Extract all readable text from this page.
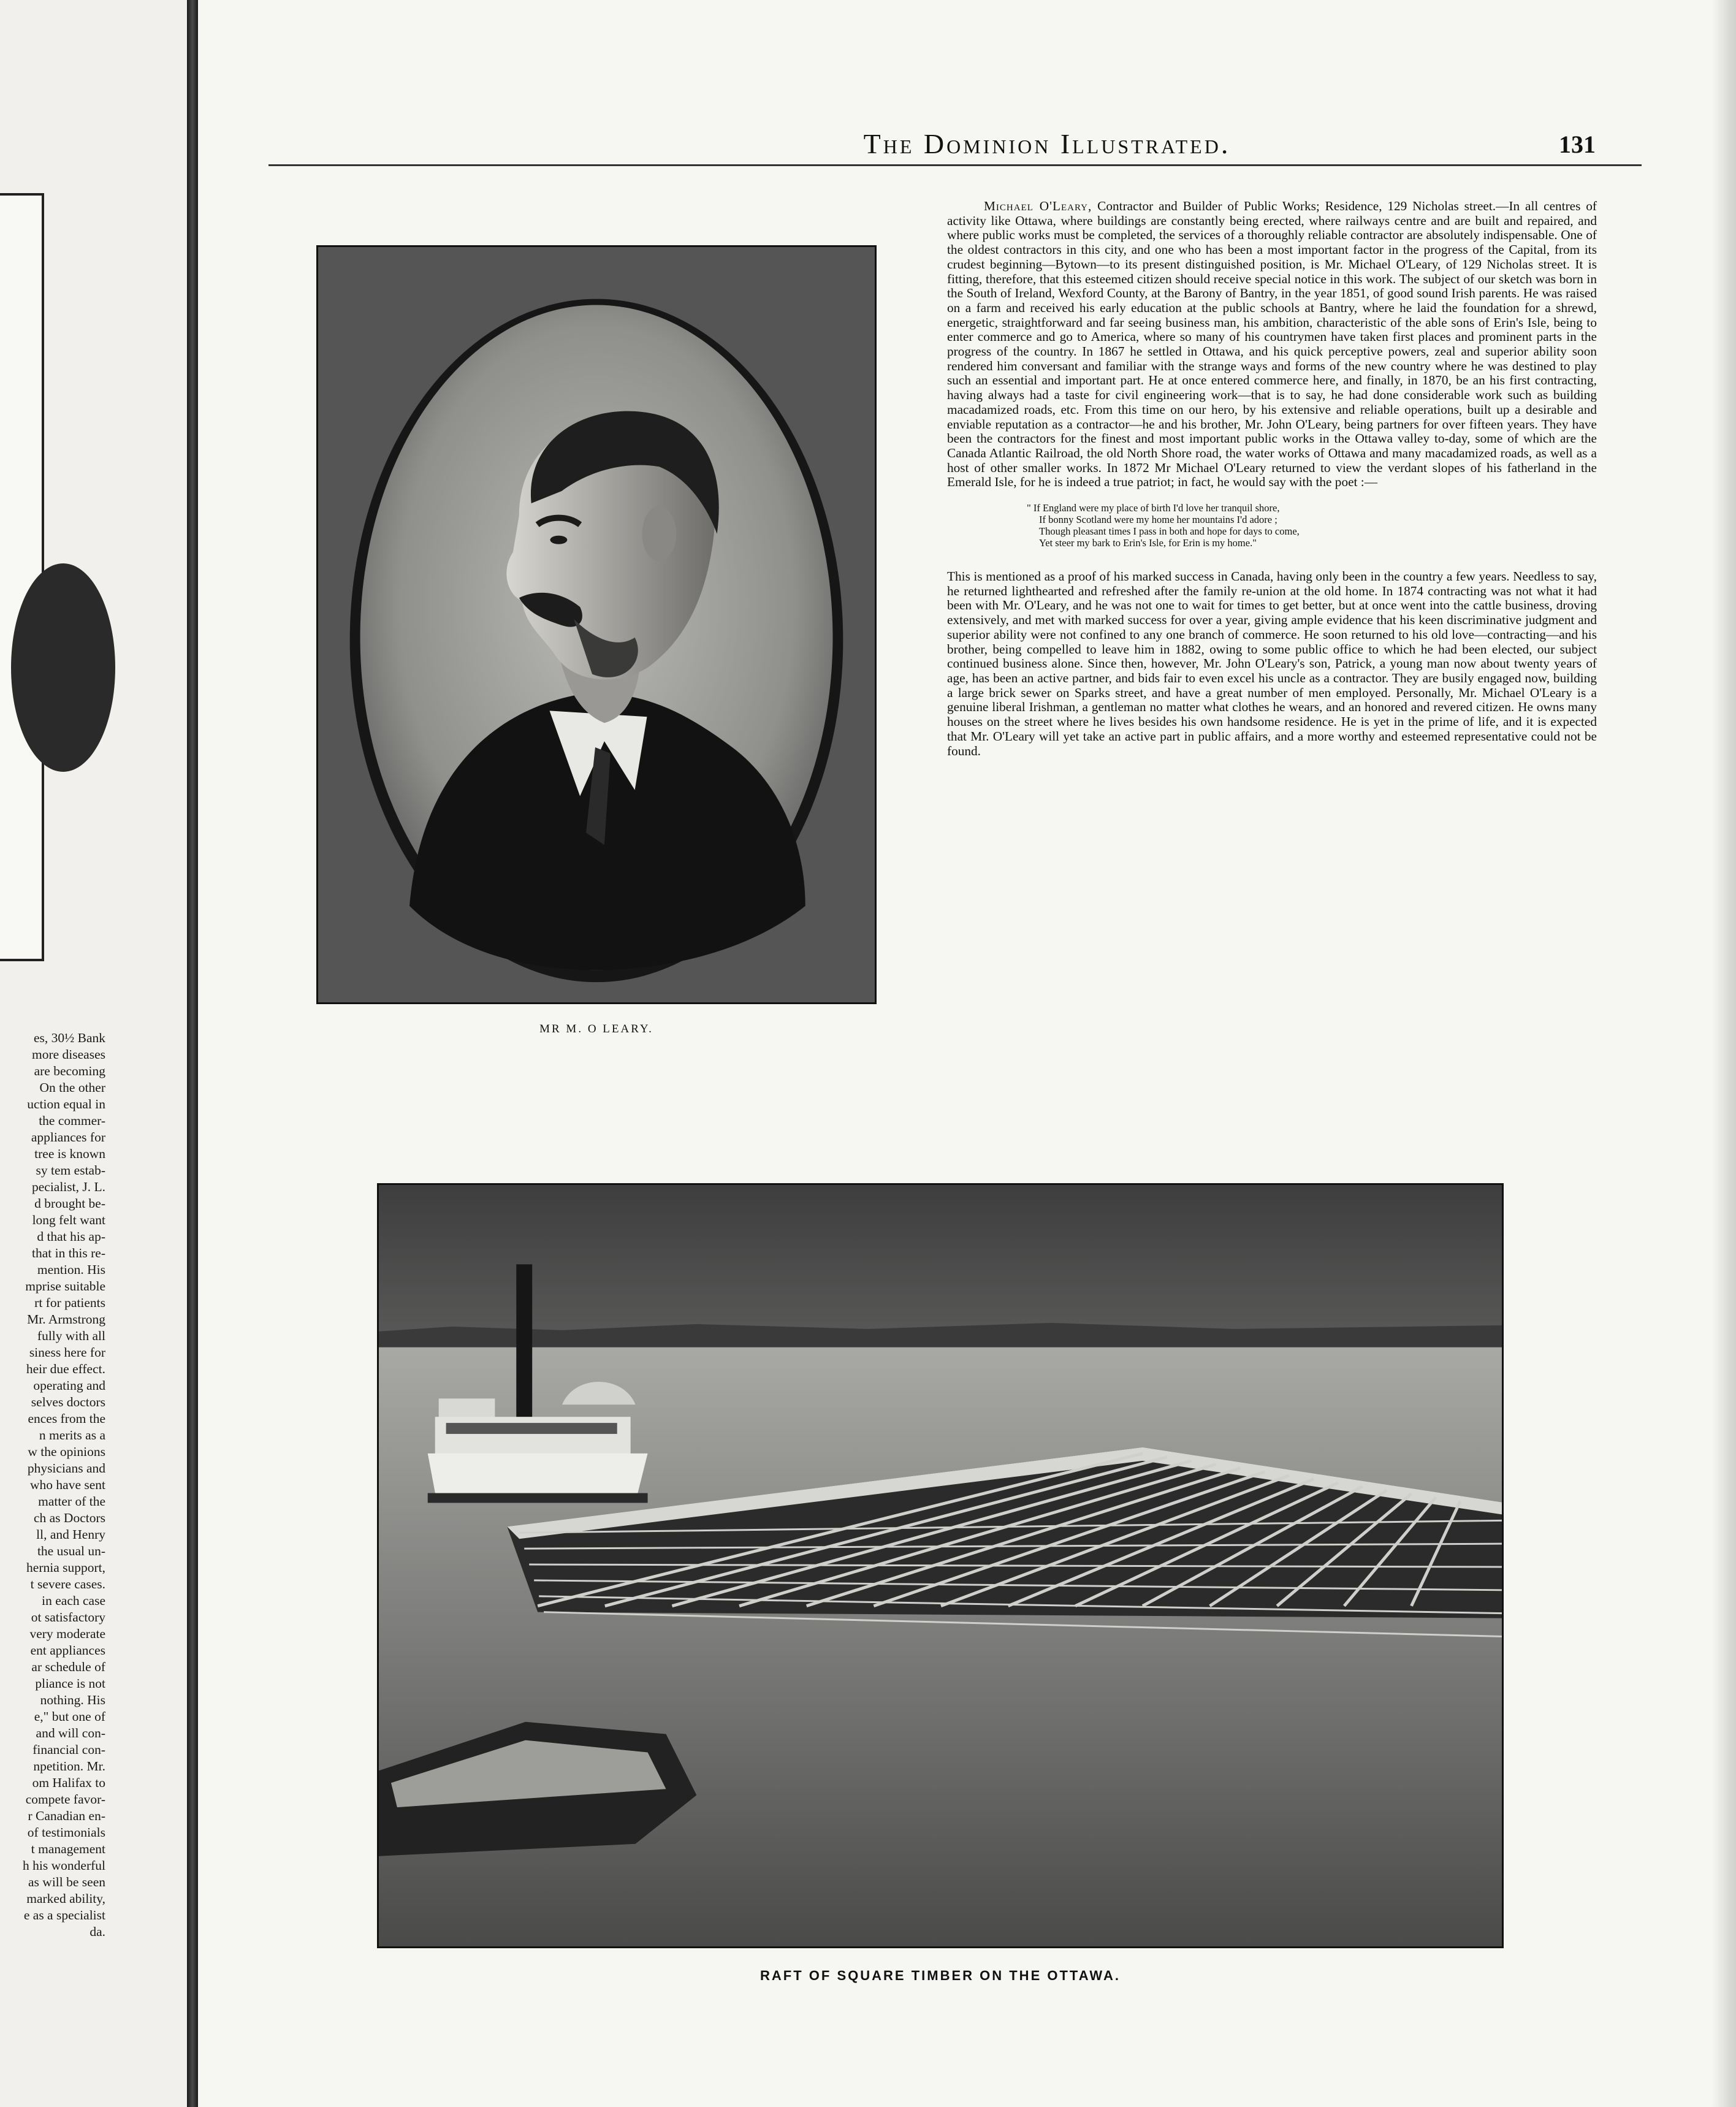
es, 30½ Bank
more diseases
are becoming
On the other
uction equal in
the commer-
appliances for
tree is known
sy tem estab-
pecialist, J. L.
d brought be-
long felt want
d that his ap-
that in this re-
mention. His
mprise suitable
rt for patients
Mr. Armstrong
fully with all
siness here for
heir due effect.
operating and
selves doctors
ences from the
n merits as a
w the opinions
physicians and
who have sent
matter of the
ch as Doctors
ll, and Henry
the usual un-
hernia support,
t severe cases.
in each case
ot satisfactory
very moderate
ent appliances
ar schedule of
pliance is not
nothing. His
e," but one of
and will con-
financial con-
npetition. Mr.
om Halifax to
compete favor-
r Canadian en-
of testimonials
t management
h his wonderful
as will be seen
marked ability,
e as a specialist
da.
The Dominion Illustrated.	131
MR M. O LEARY.

Michael O'Leary, Contractor and Builder of Public Works; Residence, 129 Nicholas street.—In all centres of activity like Ottawa, where buildings are constantly being erected, where railways centre and are built and repaired, and where public works must be completed, the services of a thoroughly reliable contractor are absolutely indispensable. One of the oldest contractors in this city, and one who has been a most important factor in the progress of the Capital, from its crudest beginning—Bytown—to its present distinguished position, is Mr. Michael O'Leary, of 129 Nicholas street. It is fitting, therefore, that this esteemed citizen should receive special notice in this work. The subject of our sketch was born in the South of Ireland, Wexford County, at the Barony of Bantry, in the year 1851, of good sound Irish parents. He was raised on a farm and received his early education at the public schools at Bantry, where he laid the foundation for a shrewd, energetic, straightforward and far seeing business man, his ambition, characteristic of the able sons of Erin's Isle, being to enter commerce and go to America, where so many of his countrymen have taken first places and prominent parts in the progress of the country. In 1867 he settled in Ottawa, and his quick perceptive powers, zeal and superior ability soon rendered him conversant and familiar with the strange ways and forms of the new country where he was destined to play such an essential and important part. He at once entered commerce here, and finally, in 1870, be an his first contracting, having always had a taste for civil engineering work—that is to say, he had done considerable work such as building macadamized roads, etc. From this time on our hero, by his extensive and reliable operations, built up a desirable and enviable reputation as a contractor—he and his brother, Mr. John O'Leary, being partners for over fifteen years. They have been the contractors for the finest and most important public works in the Ottawa valley to-day, some of which are the Canada Atlantic Railroad, the old North Shore road, the water works of Ottawa and many macadamized roads, as well as a host of other smaller works. In 1872 Mr Michael O'Leary returned to view the verdant slopes of his fatherland in the Emerald Isle, for he is indeed a true patriot; in fact, he would say with the poet :—

" If England were my place of birth I'd love her tranquil shore,
If bonny Scotland were my home her mountains I'd adore ;
Though pleasant times I pass in both and hope for days to come,
Yet steer my bark to Erin's Isle, for Erin is my home."

This is mentioned as a proof of his marked success in Canada, having only been in the country a few years. Needless to say, he returned lighthearted and refreshed after the family re-union at the old home. In 1874 contracting was not what it had been with Mr. O'Leary, and he was not one to wait for times to get better, but at once went into the cattle business, droving extensively, and met with marked success for over a year, giving ample evidence that his keen discriminative judgment and superior ability were not confined to any one branch of commerce. He soon returned to his old love—contracting—and his brother, being compelled to leave him in 1882, owing to some public office to which he had been elected, our subject continued business alone. Since then, however, Mr. John O'Leary's son, Patrick, a young man now about twenty years of age, has been an active partner, and bids fair to even excel his uncle as a contractor. They are busily engaged now, building a large brick sewer on Sparks street, and have a great number of men employed. Personally, Mr. Michael O'Leary is a genuine liberal Irishman, a gentleman no matter what clothes he wears, and an honored and revered citizen. He owns many houses on the street where he lives besides his own handsome residence. He is yet in the prime of life, and it is expected that Mr. O'Leary will yet take an active part in public affairs, and a more worthy and esteemed representative could not be found.

RAFT OF SQUARE TIMBER ON THE OTTAWA.
